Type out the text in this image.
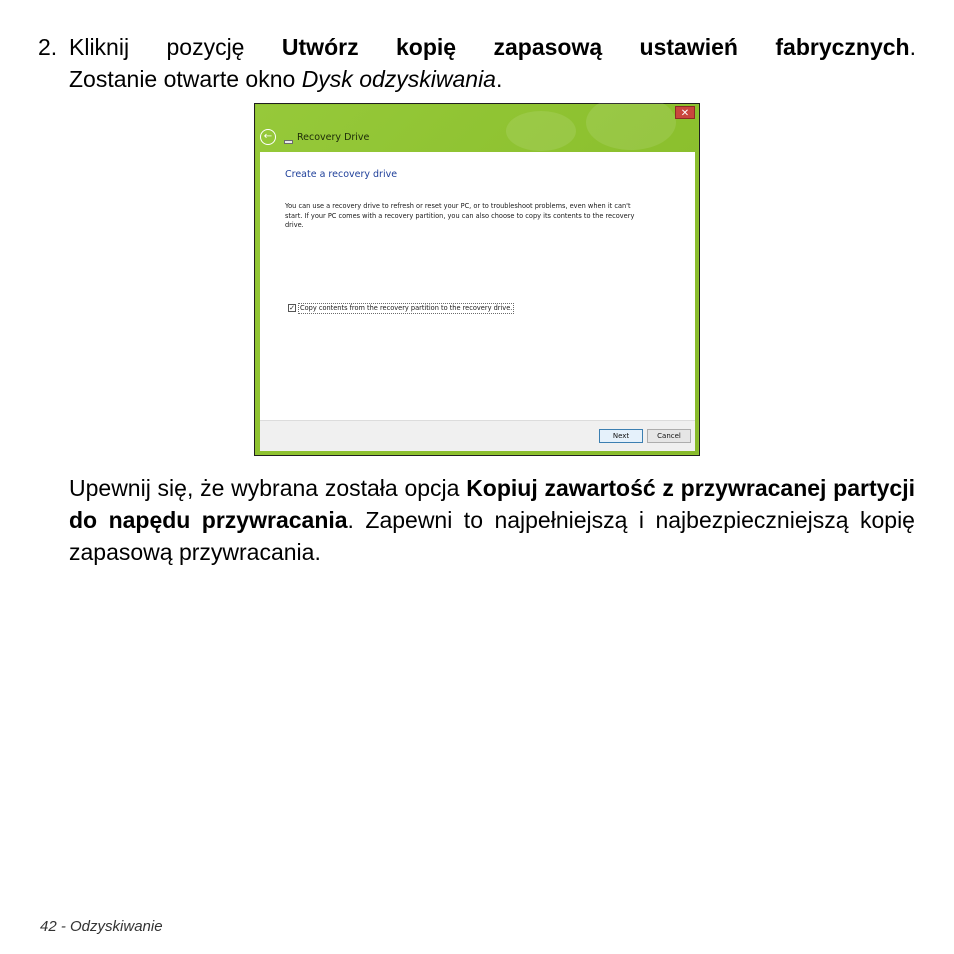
2. Kliknij pozycję Utwórz kopię zapasową ustawień fabrycznych.
Zostanie otwarte okno Dysk odzyskiwania.
✕
←	Recovery Drive
Create a recovery drive
You can use a recovery drive to refresh or reset your PC, or to troubleshoot problems, even when it can't start. If your PC comes with a recovery partition, you can also choose to copy its contents to the recovery drive.
✓ Copy contents from the recovery partition to the recovery drive.
Next	Cancel
Upewnij się, że wybrana została opcja Kopiuj zawartość z przywracanej partycji do napędu przywracania. Zapewni to najpełniejszą i najbezpieczniejszą kopię zapasową przywracania.
42 - Odzyskiwanie
